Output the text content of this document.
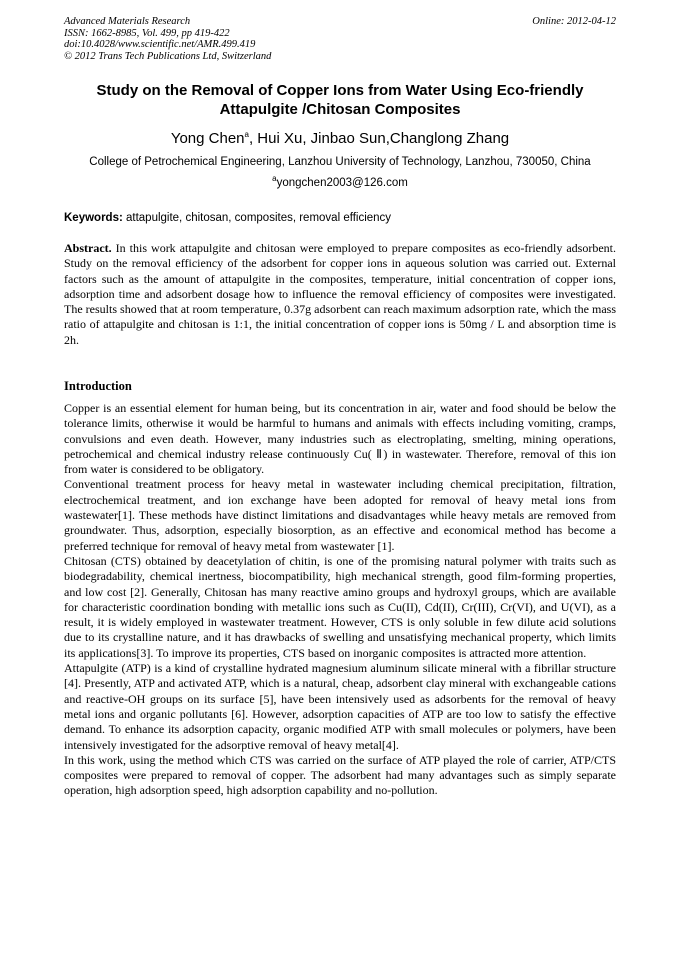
Advanced Materials Research
ISSN: 1662-8985, Vol. 499, pp 419-422
doi:10.4028/www.scientific.net/AMR.499.419
© 2012 Trans Tech Publications Ltd, Switzerland
Online: 2012-04-12
Study on the Removal of Copper Ions from Water Using Eco-friendly
Attapulgite /Chitosan Composites
Yong Chen$^a$, Hui Xu, Jinbao Sun,Changlong Zhang
College of Petrochemical Engineering, Lanzhou University of Technology, Lanzhou, 730050, China
$^a$yongchen2003@126.com
Keywords: attapulgite, chitosan, composites, removal efficiency
Abstract. In this work attapulgite and chitosan were employed to prepare composites as eco-friendly adsorbent. Study on the removal efficiency of the adsorbent for copper ions in aqueous solution was carried out. External factors such as the amount of attapulgite in the composites, temperature, initial concentration of copper ions, adsorption time and adsorbent dosage how to influence the removal efficiency of composites were investigated. The results showed that at room temperature, 0.37g adsorbent can reach maximum adsorption rate, which the mass ratio of attapulgite and chitosan is 1:1, the initial concentration of copper ions is 50mg / L and absorption time is 2h.
Introduction

Copper is an essential element for human being, but its concentration in air, water and food should be below the tolerance limits, otherwise it would be harmful to humans and animals with effects including vomiting, cramps, convulsions and even death. However, many industries such as electroplating, smelting, mining operations, petrochemical and chemical industry release continuously Cu( Ⅱ) in wastewater. Therefore, removal of this ion from water is considered to be obligatory.

Conventional treatment process for heavy metal in wastewater including chemical precipitation, filtration, electrochemical treatment, and ion exchange have been adopted for removal of heavy metal ions from wastewater[1]. These methods have distinct limitations and disadvantages while heavy metals are removed from groundwater. Thus, adsorption, especially biosorption, as an effective and economical method has become a preferred technique for removal of heavy metal from wastewater [1].

Chitosan (CTS) obtained by deacetylation of chitin, is one of the promising natural polymer with traits such as biodegradability, chemical inertness, biocompatibility, high mechanical strength, good film-forming properties, and low cost [2]. Generally, Chitosan has many reactive amino groups and hydroxyl groups, which are available for characteristic coordination bonding with metallic ions such as Cu(II), Cd(II), Cr(III), Cr(VI), and U(VI), as a result, it is widely employed in wastewater treatment. However, CTS is only soluble in few dilute acid solutions due to its crystalline nature, and it has drawbacks of swelling and unsatisfying mechanical property, which limits its applications[3]. To improve its properties, CTS based on inorganic composites is attracted more attention.

Attapulgite (ATP) is a kind of crystalline hydrated magnesium aluminum silicate mineral with a fibrillar structure [4]. Presently, ATP and activated ATP, which is a natural, cheap, adsorbent clay mineral with exchangeable cations and reactive-OH groups on its surface [5], have been intensively used as adsorbents for the removal of heavy metal ions and organic pollutants [6]. However, adsorption capacities of ATP are too low to satisfy the effective demand. To enhance its adsorption capacity, organic modified ATP with small molecules or polymers, have been intensively investigated for the adsorptive removal of heavy metal[4].

In this work, using the method which CTS was carried on the surface of ATP played the role of carrier, ATP/CTS composites were prepared to removal of copper. The adsorbent had many advantages such as simply separate operation, high adsorption speed, high adsorption capability and no-pollution.
